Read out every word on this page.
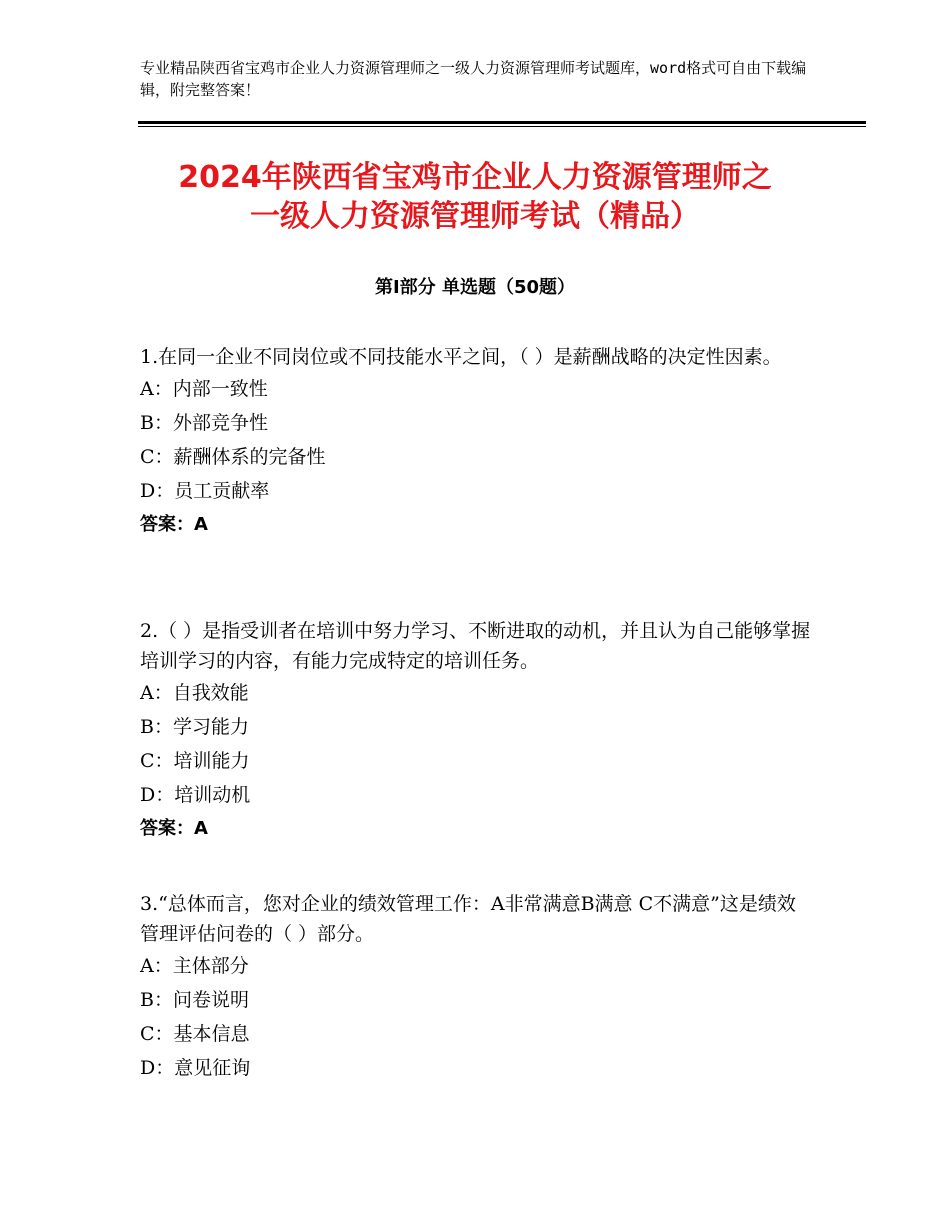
专业精品陕西省宝鸡市企业人力资源管理师之一级人力资源管理师考试题库，word格式可自由下载编辑，附完整答案！
2024年陕西省宝鸡市企业人力资源管理师之
一级人力资源管理师考试（精品）
第Ⅰ部分 单选题（50题）

1.在同一企业不同岗位或不同技能水平之间，（ ）是薪酬战略的决定性因素。

A：内部一致性
B：外部竞争性
C：薪酬体系的完备性
D：员工贡献率
答案：A

2.（ ）是指受训者在培训中努力学习、不断进取的动机，并且认为自己能够掌握培训学习的内容，有能力完成特定的培训任务。

A：自我效能
B：学习能力
C：培训能力
D：培训动机
答案：A

3.“总体而言，您对企业的绩效管理工作：A非常满意B满意 C不满意”这是绩效管理评估问卷的（ ）部分。

A：主体部分
B：问卷说明
C：基本信息
D：意见征询
